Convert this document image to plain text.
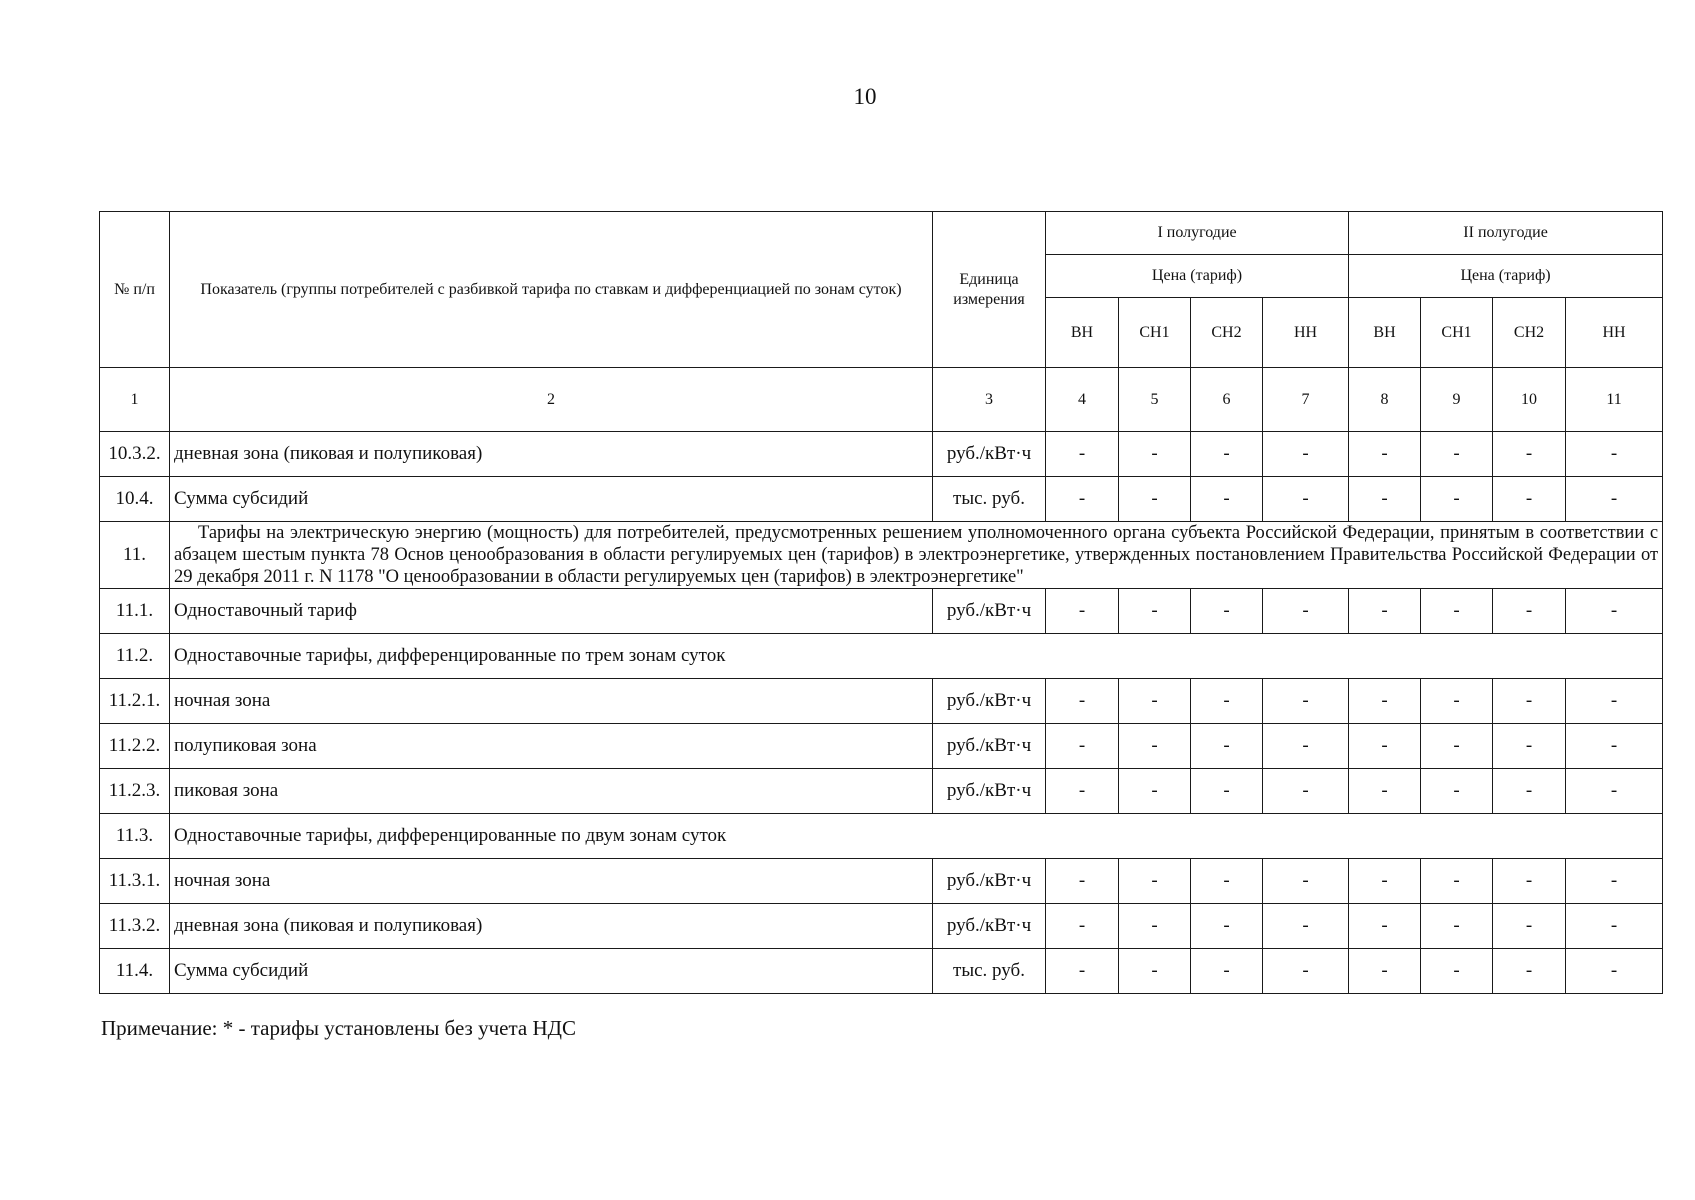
10
№ п/п	Показатель (группы потребителей с разбивкой тарифа по ставкам и дифференциацией по зонам суток)	Единица измерения	I полугодие				II полугодие			
			Цена (тариф)				Цена (тариф)			
			ВН	СН1	СН2	НН	ВН	СН1	СН2	НН
1	2	3	4	5	6	7	8	9	10	11
10.3.2.	дневная зона (пиковая и полупиковая)	руб./кВт·ч	-	-	-	-	-	-	-	-
10.4.	Сумма субсидий	тыс. руб.	-	-	-	-	-	-	-	-
11.	Тарифы на электрическую энергию (мощность) для потребителей, предусмотренных решением уполномоченного органа субъекта Российской Федерации, принятым в соответствии с абзацем шестым пункта 78 Основ ценообразования в области регулируемых цен (тарифов) в электроэнергетике, утвержденных постановлением Правительства Российской Федерации от 29 декабря 2011 г. N 1178 "О ценообразовании в области регулируемых цен (тарифов) в электроэнергетике"									
11.1.	Одноставочный тариф	руб./кВт·ч	-	-	-	-	-	-	-	-
11.2.	Одноставочные тарифы, дифференцированные по трем зонам суток									
11.2.1.	ночная зона	руб./кВт·ч	-	-	-	-	-	-	-	-
11.2.2.	полупиковая зона	руб./кВт·ч	-	-	-	-	-	-	-	-
11.2.3.	пиковая зона	руб./кВт·ч	-	-	-	-	-	-	-	-
11.3.	Одноставочные тарифы, дифференцированные по двум зонам суток									
11.3.1.	ночная зона	руб./кВт·ч	-	-	-	-	-	-	-	-
11.3.2.	дневная зона (пиковая и полупиковая)	руб./кВт·ч	-	-	-	-	-	-	-	-
11.4.	Сумма субсидий	тыс. руб.	-	-	-	-	-	-	-	-
Примечание: * - тарифы установлены без учета НДС
